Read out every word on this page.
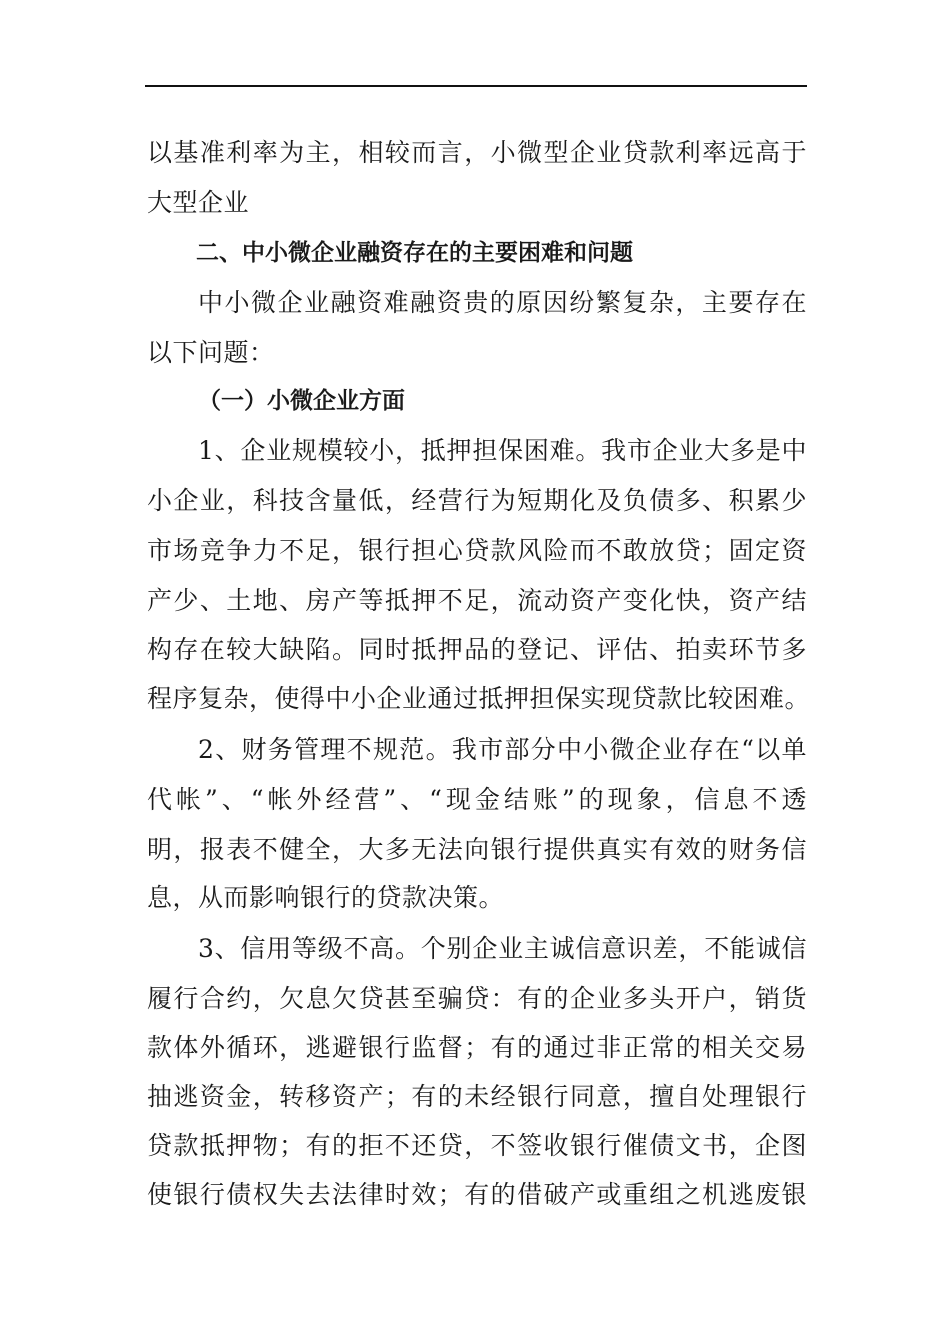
以基准利率为主，相较而言，小微型企业贷款利率远高于
大型企业
二、中小微企业融资存在的主要困难和问题
中小微企业融资难融资贵的原因纷繁复杂，主要存在
以下问题：
（一）小微企业方面
1、企业规模较小，抵押担保困难。我市企业大多是中
小企业，科技含量低，经营行为短期化及负债多、积累少
市场竞争力不足，银行担心贷款风险而不敢放贷；固定资
产少、土地、房产等抵押不足，流动资产变化快，资产结
构存在较大缺陷。同时抵押品的登记、评估、拍卖环节多
程序复杂，使得中小企业通过抵押担保实现贷款比较困难。
2、财务管理不规范。我市部分中小微企业存在“以单
代帐”、“帐外经营”、“现金结账”的现象，信息不透
明，报表不健全，大多无法向银行提供真实有效的财务信
息，从而影响银行的贷款决策。
3、信用等级不高。个别企业主诚信意识差，不能诚信
履行合约，欠息欠贷甚至骗贷：有的企业多头开户，销货
款体外循环，逃避银行监督；有的通过非正常的相关交易
抽逃资金，转移资产；有的未经银行同意，擅自处理银行
贷款抵押物；有的拒不还贷，不签收银行催债文书，企图
使银行债权失去法律时效；有的借破产或重组之机逃废银
